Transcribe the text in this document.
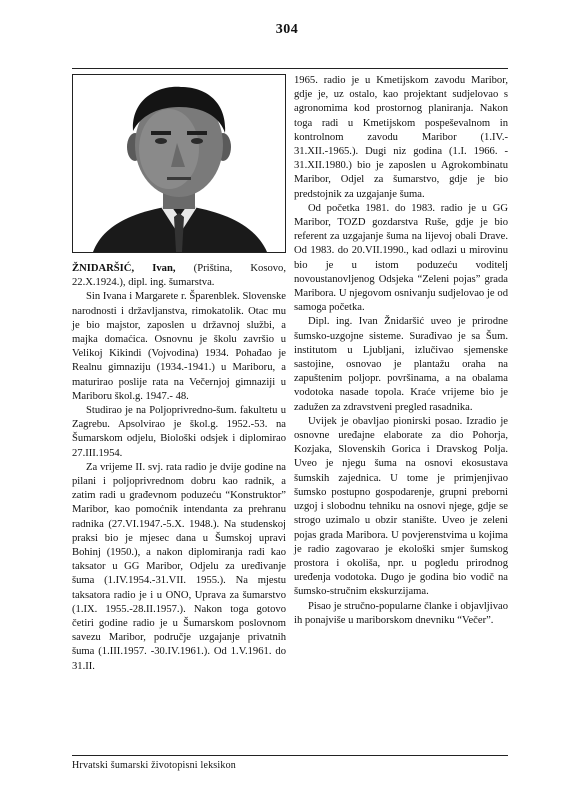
304

ŽNIDARŠIĆ, Ivan, (Priština, Kosovo, 22.X.1924.), dipl. ing. šumarstva.

Sin Ivana i Margarete r. Šparenblek. Slovenske narodnosti i državljanstva, rimokatolik. Otac mu je bio majstor, zaposlen u državnoj službi, a majka domaćica. Osnovnu je školu završio u Velikoj Kikindi (Vojvodina) 1934. Pohađao je Realnu gimnaziju (1934.-1941.) u Mariboru, a maturirao poslije rata na Večernjoj gimnaziji u Mariboru škol.g. 1947.- 48.

Studirao je na Poljoprivredno-šum. fakultetu u Zagrebu. Apsolvirao je škol.g. 1952.-53. na Šumarskom odjelu, Biološki odsjek i diplomirao 27.III.1954.

Za vrijeme II. svj. rata radio je dvije godine na pilani i poljoprivrednom dobru kao radnik, a zatim radi u građevnom poduzeću “Konstruktor” Maribor, kao pomoćnik intendanta za prehranu radnika (27.VI.1947.-5.X. 1948.). Na studenskoj praksi bio je mjesec dana u Šumskoj upravi Bohinj (1950.), a nakon diplomiranja radi kao taksator u GG Maribor, Odjelu za uređivanje šuma (1.IV.1954.-31.VII. 1955.). Na mjestu taksatora radio je i u ONO, Uprava za šumarstvo (1.IX. 1955.-28.II.1957.). Nakon toga gotovo četiri godine radio je u Šumarskom poslovnom savezu Maribor, područje uzgajanje privatnih šuma (1.III.1957. -30.IV.1961.). Od 1.V.1961. do 31.II.

1965. radio je u Kmetijskom zavodu Maribor, gdje je, uz ostalo, kao projektant sudjelovao s agronomima kod prostornog planiranja. Nakon toga radi u Kmetijskom pospeševalnom in kontrolnom zavodu Maribor (1.IV.- 31.XII.-1965.). Dugi niz godina (1.I. 1966. - 31.XII.1980.) bio je zaposlen u Agrokombinatu Maribor, Odjel za šumarstvo, gdje je bio predstojnik za uzgajanje šuma.

Od početka 1981. do 1983. radio je u GG Maribor, TOZD gozdarstva Ruše, gdje je bio referent za uzgajanje šuma na lijevoj obali Drave. Od 1983. do 20.VII.1990., kad odlazi u mirovinu bio je u istom poduzeću voditelj novoustanovljenog Odsjeka “Zeleni pojas” grada Maribora. U njegovom osnivanju sudjelovao je od samoga početka.

Dipl. ing. Ivan Žnidaršić uveo je prirodne šumsko-uzgojne sisteme. Surađivao je sa Šum. institutom u Ljubljani, izlučivao sjemenske sastojine, osnovao je plantažu oraha na zapuštenim poljopr. površinama, a na obalama vodotoka nasade topola. Kraće vrijeme bio je zadužen za zdravstveni pregled rasadnika.

Uvijek je obavljao pionirski posao. Izradio je osnovne uređajne elaborate za dio Pohorja, Kozjaka, Slovenskih Gorica i Dravskog Polja. Uvео je njegu šuma na osnovi ekosustava šumskih zajednica. U tome je primjenjivao šumsko postupno gospodarenje, grupni preborni uzgoj i slobodnu tehniku na osnovi njege, gdje se strogo uzimalo u obzir stanište. Uveo je zeleni pojas grada Maribora. U povjerenstvima u kojima je radio zagovarao je ekološki smjer šumskog prostora i okoliša, npr. u pogledu prirodnog uređenja vodotoka. Dugo je godina bio vodič na šumsko-stručnim ekskurzijama.

Pisao je stručno-popularne članke i objavljivao ih ponajviše u mariborskom dnevniku “Večer”.

Hrvatski šumarski životopisni leksikon
